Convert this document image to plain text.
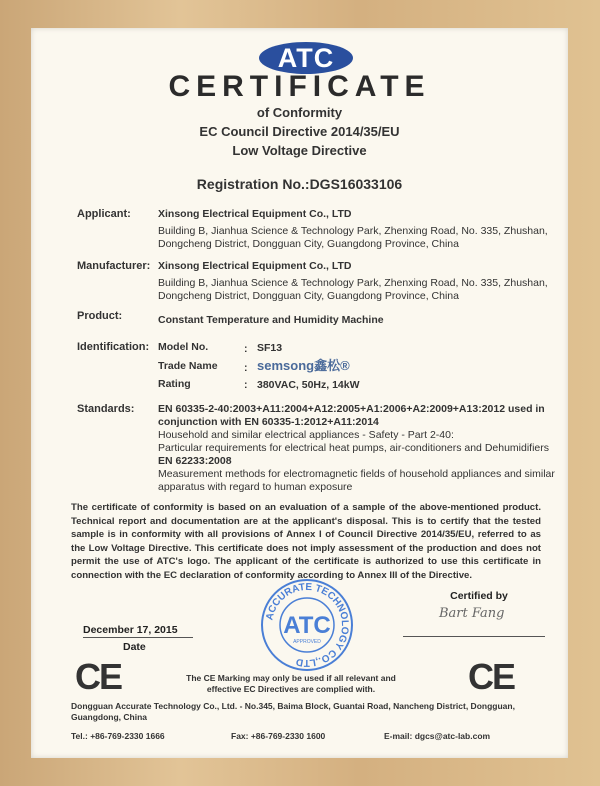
ATC
CERTIFICATE
of Conformity
EC Council Directive 2014/35/EU
Low Voltage Directive
Registration No.:DGS16033106
Applicant:	Xinsong Electrical Equipment Co., LTD
Building B, Jianhua Science & Technology Park, Zhenxing Road, No. 335, Zhushan,
Dongcheng District, Dongguan City, Guangdong Province, China
Manufacturer: Xinsong Electrical Equipment Co., LTD
Building B, Jianhua Science & Technology Park, Zhenxing Road, No. 335, Zhushan,
Dongcheng District, Dongguan City, Guangdong Province, China
Product:	Constant Temperature and Humidity Machine
Identification: Model No.	: SF13
Trade Name	: semsong鑫松®
Rating	: 380VAC, 50Hz, 14kW
Standards: EN 60335-2-40:2003+A11:2004+A12:2005+A1:2006+A2:2009+A13:2012 used in
conjunction with EN 60335-1:2012+A11:2014
Household and similar electrical appliances - Safety - Part 2-40:
Particular requirements for electrical heat pumps, air-conditioners and Dehumidifiers
EN 62233:2008
Measurement methods for electromagnetic fields of household appliances and similar
apparatus with regard to human exposure
The certificate of conformity is based on an evaluation of a sample of the above-mentioned product. Technical report and documentation are at the applicant's disposal. This is to certify that the tested sample is in conformity with all provisions of Annex I of Council Directive 2014/35/EU, referred to as the Low Voltage Directive. This certificate does not imply assessment of the production and does not permit the use of ATC's logo. The applicant of the certificate is authorized to use this certificate in connection with the EC declaration of conformity according to Annex III of the Directive.
ACCURATE TECHNOLOGY CO.,LTD
ATC
APPROVED
Certified by
Bart Fang
December 17, 2015
Date
CE	CE
The CE Marking may only be used if all relevant and
effective EC Directives are complied with.
Dongguan Accurate Technology Co., Ltd. - No.345, Baima Block, Guantai Road, Nancheng District, Dongguan,
Guangdong, China
Tel.: +86-769-2330 1666	Fax: +86-769-2330 1600	E-mail: dgcs@atc-lab.com
